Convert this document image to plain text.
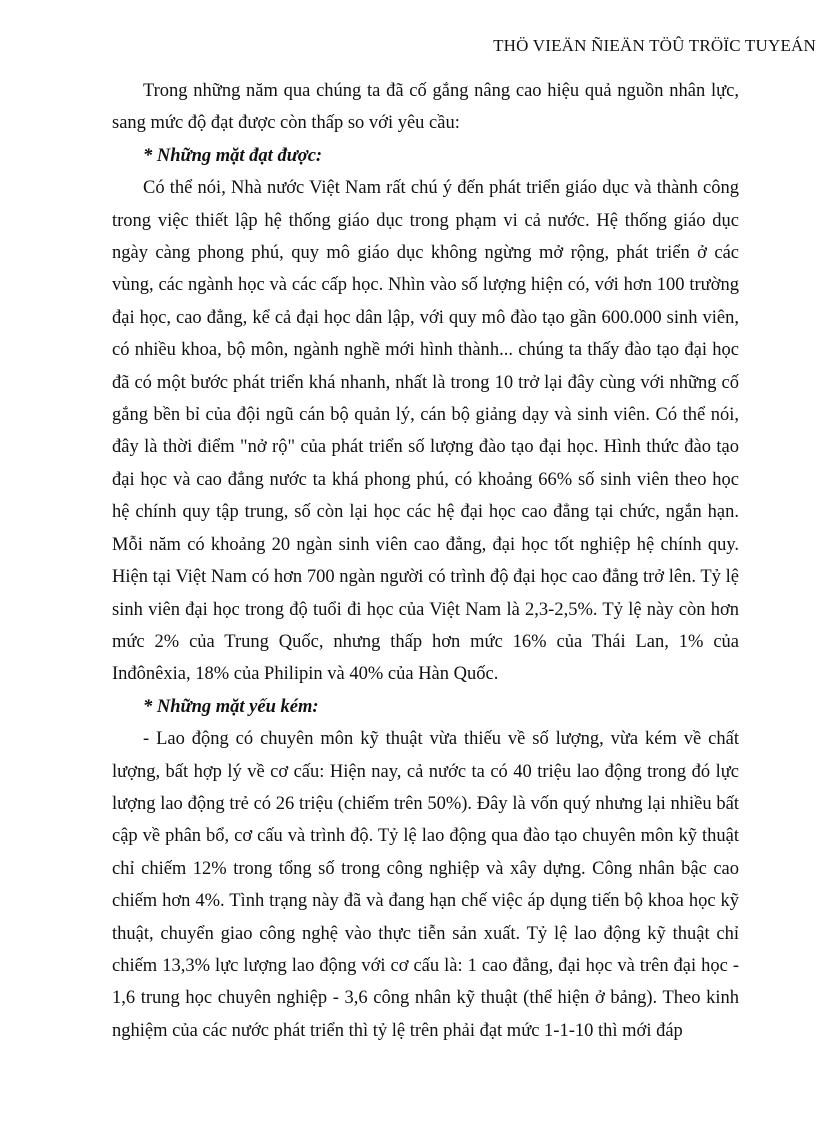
THÖ VIEÄN ÑIEÄN TÖÛ TRÖÏC TUYEÁN

Trong những năm qua chúng ta đã cố gắng nâng cao hiệu quả nguồn nhân lực, sang mức độ đạt được còn thấp so với yêu cầu:

* Những mặt đạt được:

Có thể nói, Nhà nước Việt Nam rất chú ý đến phát triển giáo dục và thành công trong việc thiết lập hệ thống giáo dục trong phạm vi cả nước. Hệ thống giáo dục ngày càng phong phú, quy mô giáo dục không ngừng mở rộng, phát triển ở các vùng, các ngành học và các cấp học. Nhìn vào số lượng hiện có, với hơn 100 trường đại học, cao đẳng, kể cả đại học dân lập, với quy mô đào tạo gần 600.000 sinh viên, có nhiều khoa, bộ môn, ngành nghề mới hình thành... chúng ta thấy đào tạo đại học đã có một bước phát triển khá nhanh, nhất là trong 10 trở lại đây cùng với những cố gắng bền bỉ của đội ngũ cán bộ quản lý, cán bộ giảng dạy và sinh viên. Có thể nói, đây là thời điểm "nở rộ" của phát triển số lượng đào tạo đại học. Hình thức đào tạo đại học và cao đẳng nước ta khá phong phú, có khoảng 66% số sinh viên theo học hệ chính quy tập trung, số còn lại học các hệ đại học cao đẳng tại chức, ngắn hạn. Mỗi năm có khoảng 20 ngàn sinh viên cao đẳng, đại học tốt nghiệp hệ chính quy. Hiện tại Việt Nam có hơn 700 ngàn người có trình độ đại học cao đẳng trở lên. Tỷ lệ sinh viên đại học trong độ tuổi đi học của Việt Nam là 2,3-2,5%. Tỷ lệ này còn hơn mức 2% của Trung Quốc, nhưng thấp hơn mức 16% của Thái Lan, 1% của Inđônêxia, 18% của Philipin và 40% của Hàn Quốc.

* Những mặt yếu kém:

- Lao động có chuyên môn kỹ thuật vừa thiếu về số lượng, vừa kém về chất lượng, bất hợp lý về cơ cấu: Hiện nay, cả nước ta có 40 triệu lao động trong đó lực lượng lao động trẻ có 26 triệu (chiếm trên 50%). Đây là vốn quý nhưng lại nhiều bất cập về phân bổ, cơ cấu và trình độ. Tỷ lệ lao động qua đào tạo chuyên môn kỹ thuật chỉ chiếm 12% trong tổng số trong công nghiệp và xây dựng. Công nhân bậc cao chiếm hơn 4%. Tình trạng này đã và đang hạn chế việc áp dụng tiến bộ khoa học kỹ thuật, chuyển giao công nghệ vào thực tiễn sản xuất. Tỷ lệ lao động kỹ thuật chỉ chiếm 13,3% lực lượng lao động với cơ cấu là: 1 cao đẳng, đại học và trên đại học - 1,6 trung học chuyên nghiệp - 3,6 công nhân kỹ thuật (thể hiện ở bảng). Theo kinh nghiệm của các nước phát triển thì tỷ lệ trên phải đạt mức 1-1-10 thì mới đáp
